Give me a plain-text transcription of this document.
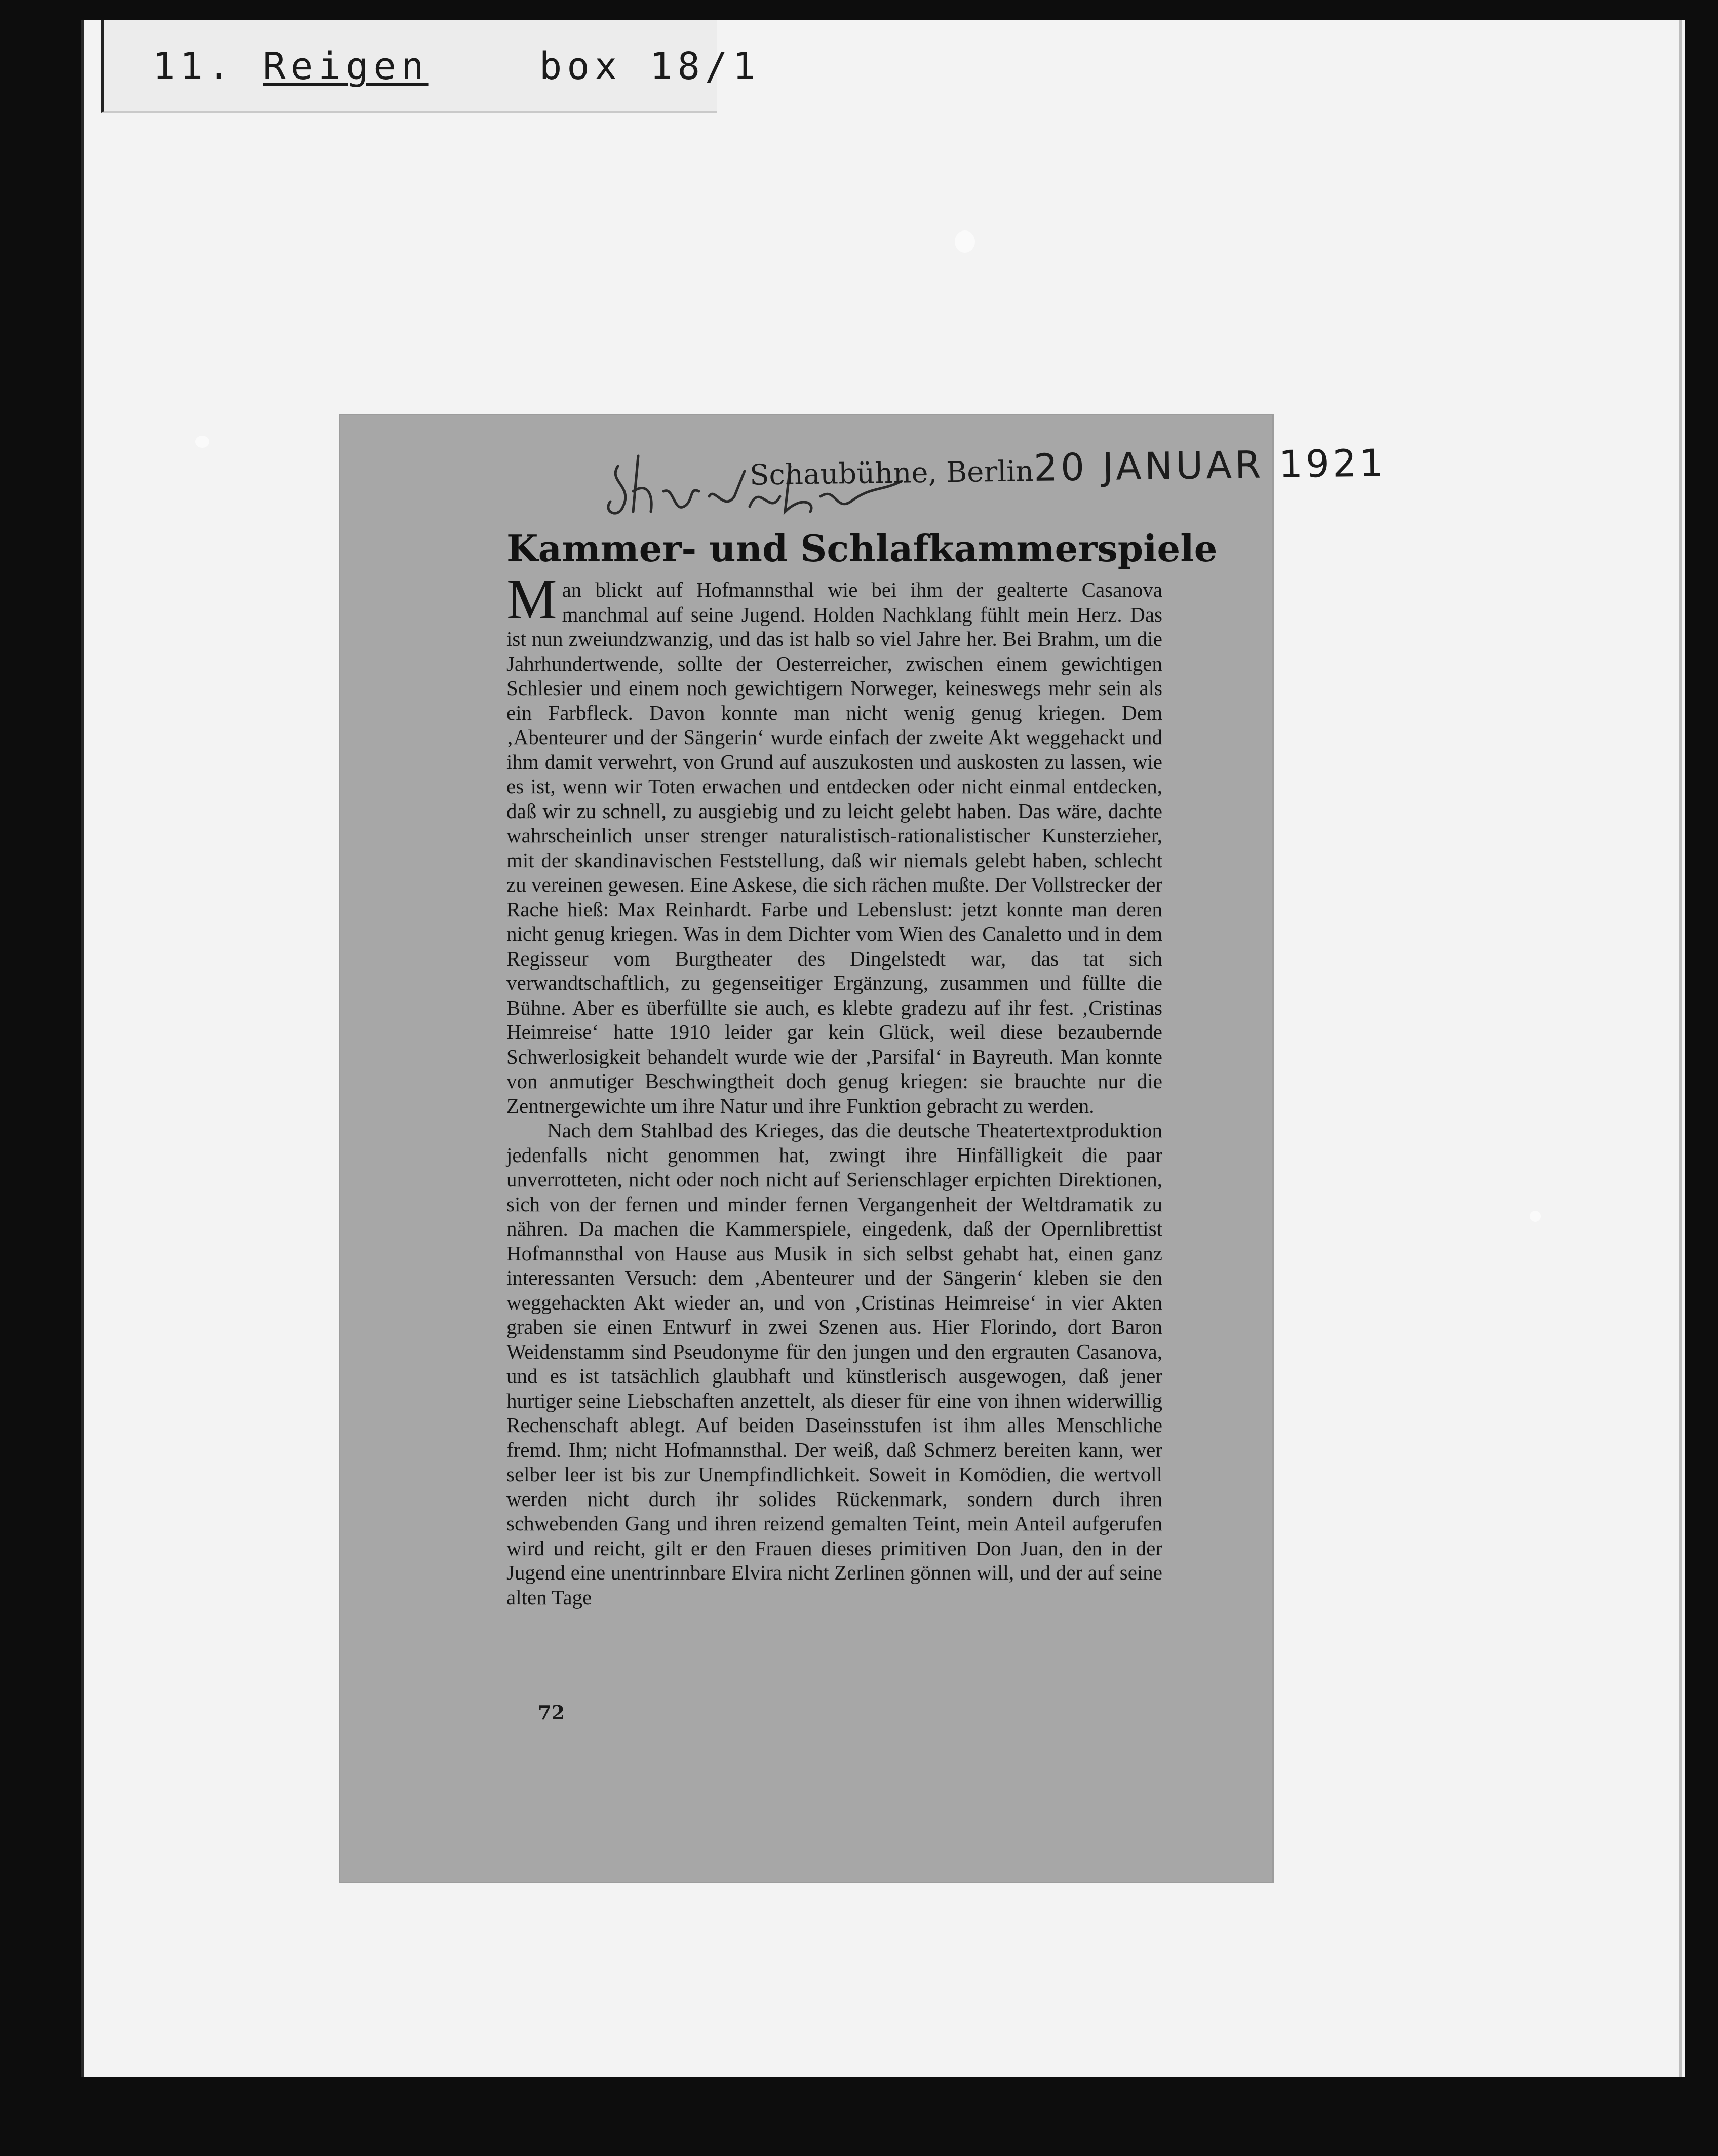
11. Reigen	box 18/1
Schaubühne, Berlin20 JANUAR 1921
Kammer- und Schlafkammerspiele

Man blickt auf Hofmannsthal wie bei ihm der gealterte Casanova manchmal auf seine Jugend. Holden Nachklang fühlt mein Herz. Das ist nun zweiundzwanzig, und das ist halb so viel Jahre her. Bei Brahm, um die Jahrhundertwende, sollte der Oesterreicher, zwischen einem gewichtigen Schlesier und einem noch gewichtigern Norweger, keineswegs mehr sein als ein Farbfleck. Davon konnte man nicht wenig genug kriegen. Dem ‚Abenteurer und der Sängerin‘ wurde einfach der zweite Akt weggehackt und ihm damit verwehrt, von Grund auf auszukosten und auskosten zu lassen, wie es ist, wenn wir Toten erwachen und entdecken oder nicht einmal entdecken, daß wir zu schnell, zu ausgiebig und zu leicht gelebt haben. Das wäre, dachte wahrscheinlich unser strenger naturalistisch-rationalistischer Kunsterzieher, mit der skandinavischen Feststellung, daß wir niemals gelebt haben, schlecht zu vereinen gewesen. Eine Askese, die sich rächen mußte. Der Vollstrecker der Rache hieß: Max Reinhardt. Farbe und Lebenslust: jetzt konnte man deren nicht genug kriegen. Was in dem Dichter vom Wien des Canaletto und in dem Regisseur vom Burgtheater des Dingelstedt war, das tat sich verwandtschaftlich, zu gegenseitiger Ergänzung, zusammen und füllte die Bühne. Aber es überfüllte sie auch, es klebte gradezu auf ihr fest. ‚Cristinas Heimreise‘ hatte 1910 leider gar kein Glück, weil diese bezaubernde Schwerlosigkeit behandelt wurde wie der ‚Parsifal‘ in Bayreuth. Man konnte von anmutiger Beschwingtheit doch genug kriegen: sie brauchte nur die Zentnergewichte um ihre Natur und ihre Funktion gebracht zu werden.

Nach dem Stahlbad des Krieges, das die deutsche Theatertextproduktion jedenfalls nicht genommen hat, zwingt ihre Hinfälligkeit die paar unverrotteten, nicht oder noch nicht auf Serienschlager erpichten Direktionen, sich von der fernen und minder fernen Vergangenheit der Weltdramatik zu nähren. Da machen die Kammerspiele, eingedenk, daß der Opernlibrettist Hofmannsthal von Hause aus Musik in sich selbst gehabt hat, einen ganz interessanten Versuch: dem ‚Abenteurer und der Sängerin‘ kleben sie den weggehackten Akt wieder an, und von ‚Cristinas Heimreise‘ in vier Akten graben sie einen Entwurf in zwei Szenen aus. Hier Florindo, dort Baron Weidenstamm sind Pseudonyme für den jungen und den ergrauten Casanova, und es ist tatsächlich glaubhaft und künstlerisch ausgewogen, daß jener hurtiger seine Liebschaften anzettelt, als dieser für eine von ihnen widerwillig Rechenschaft ablegt. Auf beiden Daseinsstufen ist ihm alles Menschliche fremd. Ihm; nicht Hofmannsthal. Der weiß, daß Schmerz bereiten kann, wer selber leer ist bis zur Unempfindlichkeit. Soweit in Komödien, die wertvoll werden nicht durch ihr solides Rückenmark, sondern durch ihren schwebenden Gang und ihren reizend gemalten Teint, mein Anteil aufgerufen wird und reicht, gilt er den Frauen dieses primitiven Don Juan, den in der Jugend eine unentrinnbare Elvira nicht Zerlinen gönnen will, und der auf seine alten Tage

72
